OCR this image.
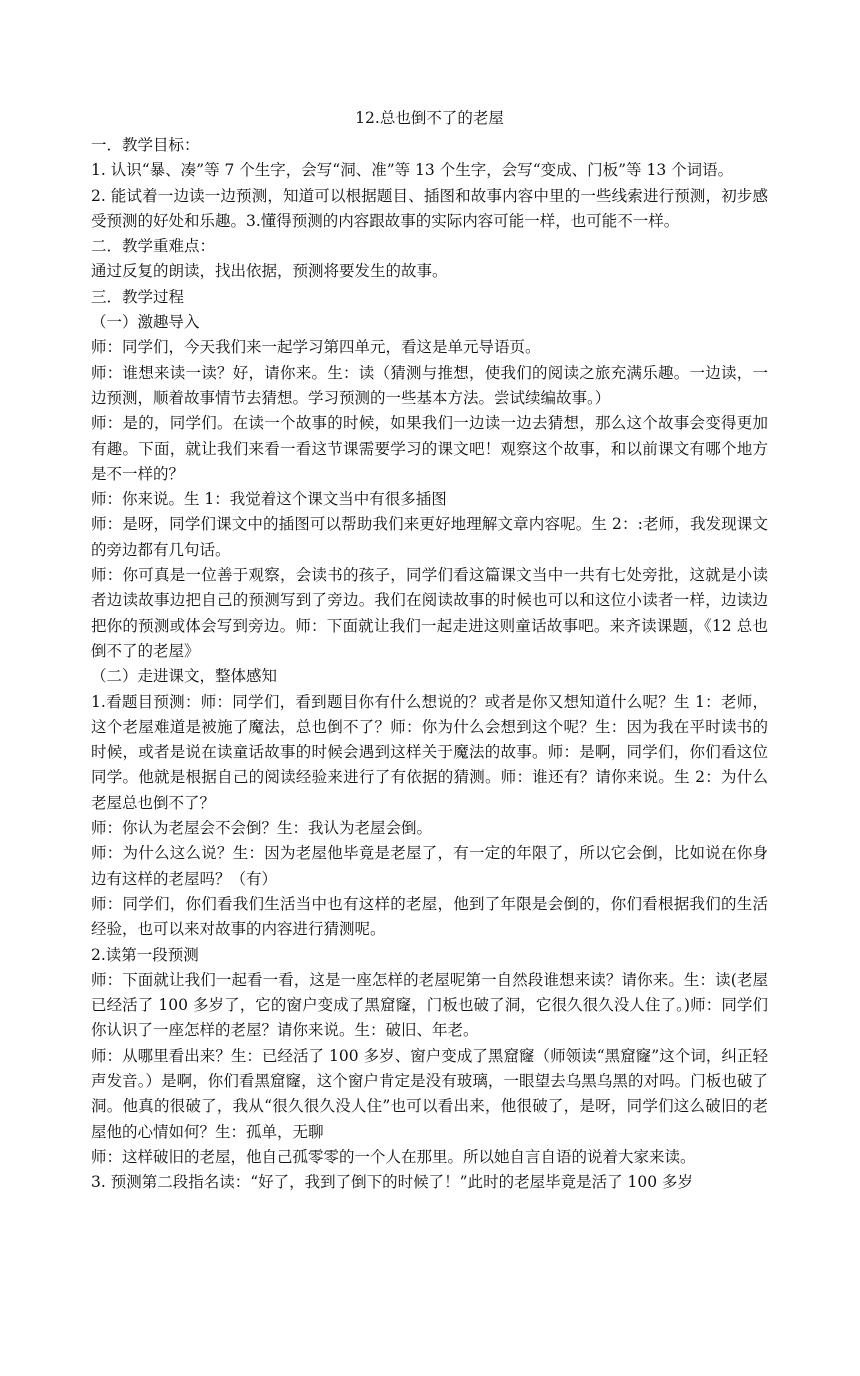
12.总也倒不了的老屋

一．教学目标：

1. 认识“暴、凑”等 7 个生字，会写“洞、准”等 13 个生字，会写“变成、门板”等 13 个词语。

2. 能试着一边读一边预测，知道可以根据题目、插图和故事内容中里的一些线索进行预测，初步感受预测的好处和乐趣。3.懂得预测的内容跟故事的实际内容可能一样，也可能不一样。

二．教学重难点：

通过反复的朗读，找出依据，预测将要发生的故事。

三．教学过程

（一）激趣导入

师：同学们，今天我们来一起学习第四单元，看这是单元导语页。

师：谁想来读一读？好，请你来。生：读（猜测与推想，使我们的阅读之旅充满乐趣。一边读，一边预测，顺着故事情节去猜想。学习预测的一些基本方法。尝试续编故事。）

师：是的，同学们。在读一个故事的时候，如果我们一边读一边去猜想，那么这个故事会变得更加有趣。下面，就让我们来看一看这节课需要学习的课文吧！观察这个故事，和以前课文有哪个地方是不一样的？

师：你来说。生 1：我觉着这个课文当中有很多插图

师：是呀，同学们课文中的插图可以帮助我们来更好地理解文章内容呢。生 2：:老师，我发现课文的旁边都有几句话。

师：你可真是一位善于观察，会读书的孩子，同学们看这篇课文当中一共有七处旁批，这就是小读者边读故事边把自己的预测写到了旁边。我们在阅读故事的时候也可以和这位小读者一样，边读边把你的预测或体会写到旁边。师：下面就让我们一起走进这则童话故事吧。来齐读课题，《12 总也倒不了的老屋》

（二）走进课文，整体感知

1.看题目预测：师：同学们，看到题目你有什么想说的？或者是你又想知道什么呢？生 1：老师，这个老屋难道是被施了魔法，总也倒不了？师：你为什么会想到这个呢？生：因为我在平时读书的时候，或者是说在读童话故事的时候会遇到这样关于魔法的故事。师：是啊，同学们，你们看这位同学。他就是根据自己的阅读经验来进行了有依据的猜测。师：谁还有？请你来说。生 2：为什么老屋总也倒不了？

师：你认为老屋会不会倒？生：我认为老屋会倒。

师：为什么这么说？生：因为老屋他毕竟是老屋了，有一定的年限了，所以它会倒，比如说在你身边有这样的老屋吗？（有）

师：同学们，你们看我们生活当中也有这样的老屋，他到了年限是会倒的，你们看根据我们的生活经验，也可以来对故事的内容进行猜测呢。

2.读第一段预测

师：下面就让我们一起看一看，这是一座怎样的老屋呢第一自然段谁想来读？请你来。生：读(老屋已经活了 100 多岁了，它的窗户变成了黑窟窿，门板也破了洞，它很久很久没人住了。)师：同学们你认识了一座怎样的老屋？请你来说。生：破旧、年老。

师：从哪里看出来？生：已经活了 100 多岁、窗户变成了黑窟窿（师领读“黑窟窿”这个词，纠正轻声发音。）是啊，你们看黑窟窿，这个窗户肯定是没有玻璃，一眼望去乌黑乌黑的对吗。门板也破了洞。他真的很破了，我从“很久很久没人住”也可以看出来，他很破了，是呀，同学们这么破旧的老屋他的心情如何？生：孤单，无聊

师：这样破旧的老屋，他自己孤零零的一个人在那里。所以她自言自语的说着大家来读。

3. 预测第二段指名读：“好了，我到了倒下的时候了！”此时的老屋毕竟是活了 100 多岁
